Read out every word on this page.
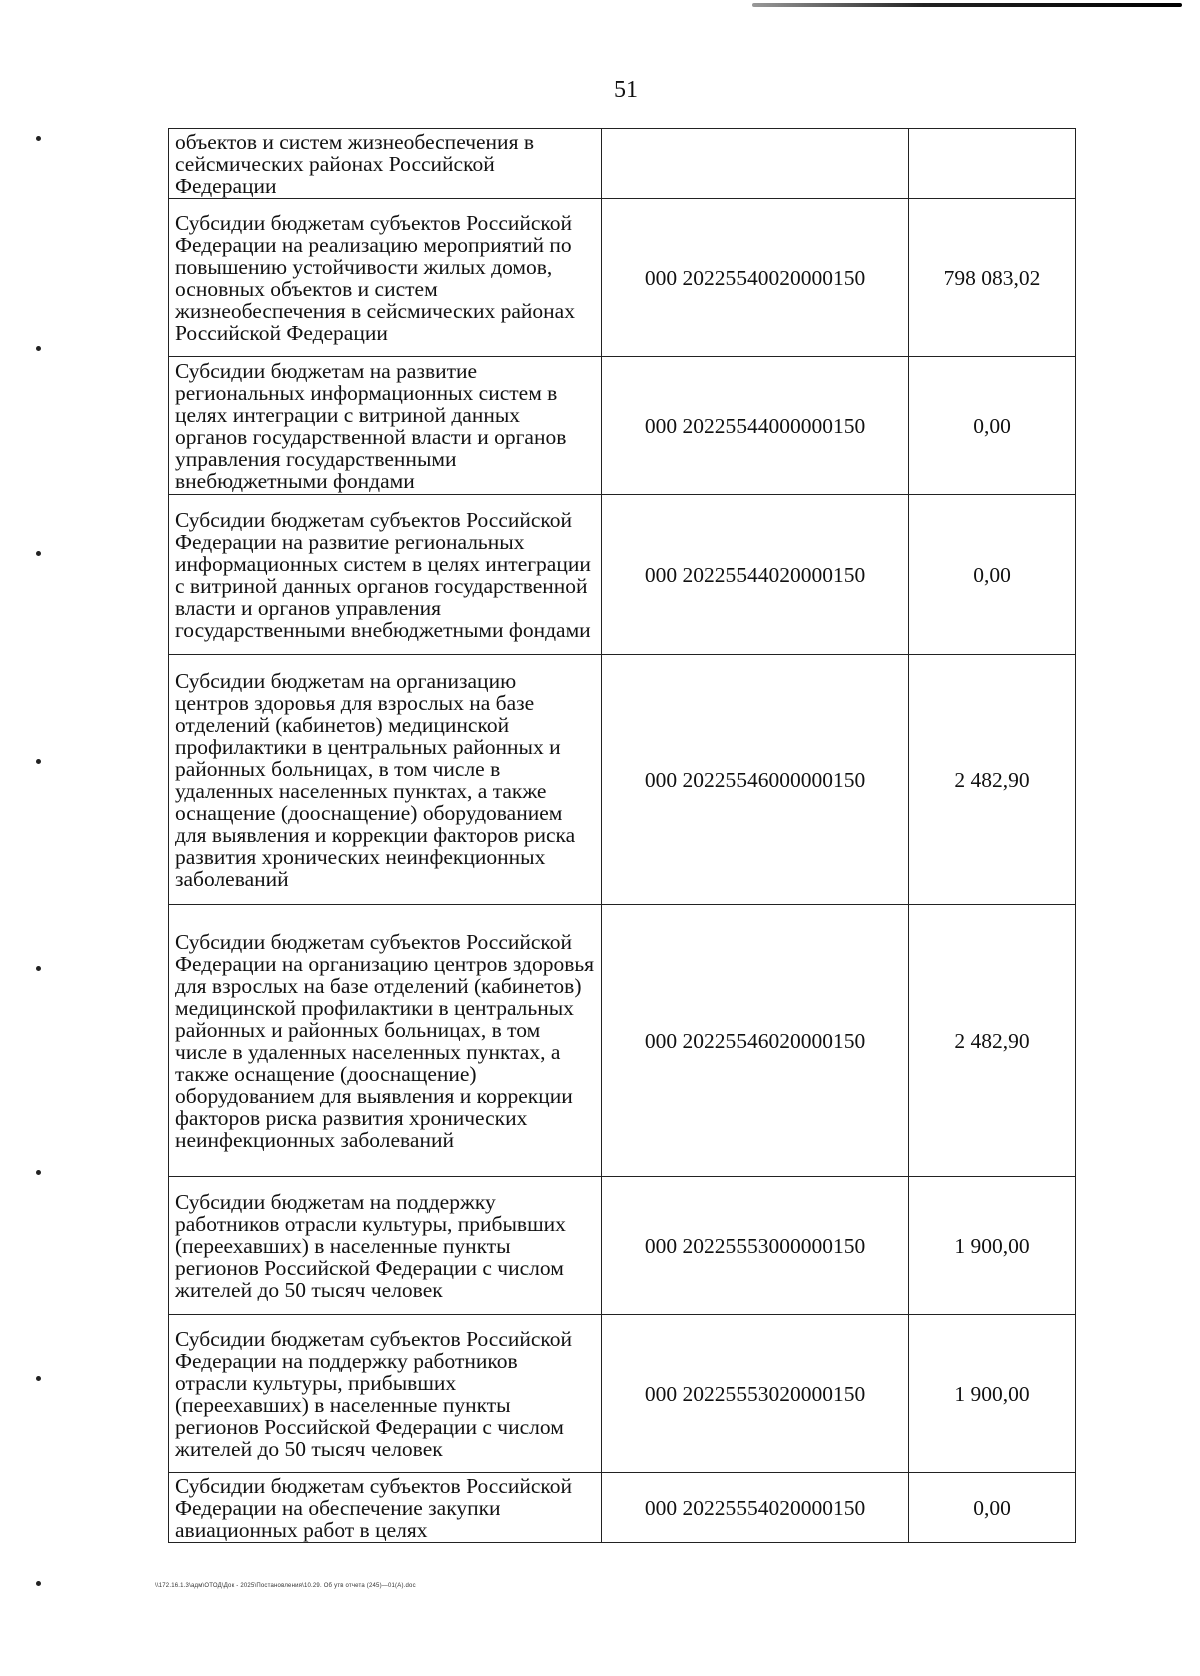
51
объектов и систем жизнеобеспечения в сейсмических районах Российской Федерации		
Субсидии бюджетам субъектов Российской Федерации на реализацию мероприятий по повышению устойчивости жилых домов, основных объектов и систем жизнеобеспечения в сейсмических районах Российской Федерации	000 20225540020000150	798 083,02
Субсидии бюджетам на развитие региональных информационных систем в целях интеграции с витриной данных органов государственной власти и органов управления государственными внебюджетными фондами	000 20225544000000150	0,00
Субсидии бюджетам субъектов Российской Федерации на развитие региональных информационных систем в целях интеграции с витриной данных органов государственной власти и органов управления государственными внебюджетными фондами	000 20225544020000150	0,00
Субсидии бюджетам на организацию центров здоровья для взрослых на базе отделений (кабинетов) медицинской профилактики в центральных районных и районных больницах, в том числе в удаленных населенных пунктах, а также оснащение (дооснащение) оборудованием для выявления и коррекции факторов риска развития хронических неинфекционных заболеваний	000 20225546000000150	2 482,90
Субсидии бюджетам субъектов Российской Федерации на организацию центров здоровья для взрослых на базе отделений (кабинетов) медицинской профилактики в центральных районных и районных больницах, в том числе в удаленных населенных пунктах, а также оснащение (дооснащение) оборудованием для выявления и коррекции факторов риска развития хронических неинфекционных заболеваний	000 20225546020000150	2 482,90
Субсидии бюджетам на поддержку работников отрасли культуры, прибывших (переехавших) в населенные пункты регионов Российской Федерации с числом жителей до 50 тысяч человек	000 20225553000000150	1 900,00
Субсидии бюджетам субъектов Российской Федерации на поддержку работников отрасли культуры, прибывших (переехавших) в населенные пункты регионов Российской Федерации с числом жителей до 50 тысяч человек	000 20225553020000150	1 900,00
Субсидии бюджетам субъектов Российской Федерации на обеспечение закупки авиационных работ в целях	000 20225554020000150	0,00
\\172.16.1.3\адм\ОТОД\Док - 2025\Постановления\10.29. Об утв отчета (245)—01(А).doc
